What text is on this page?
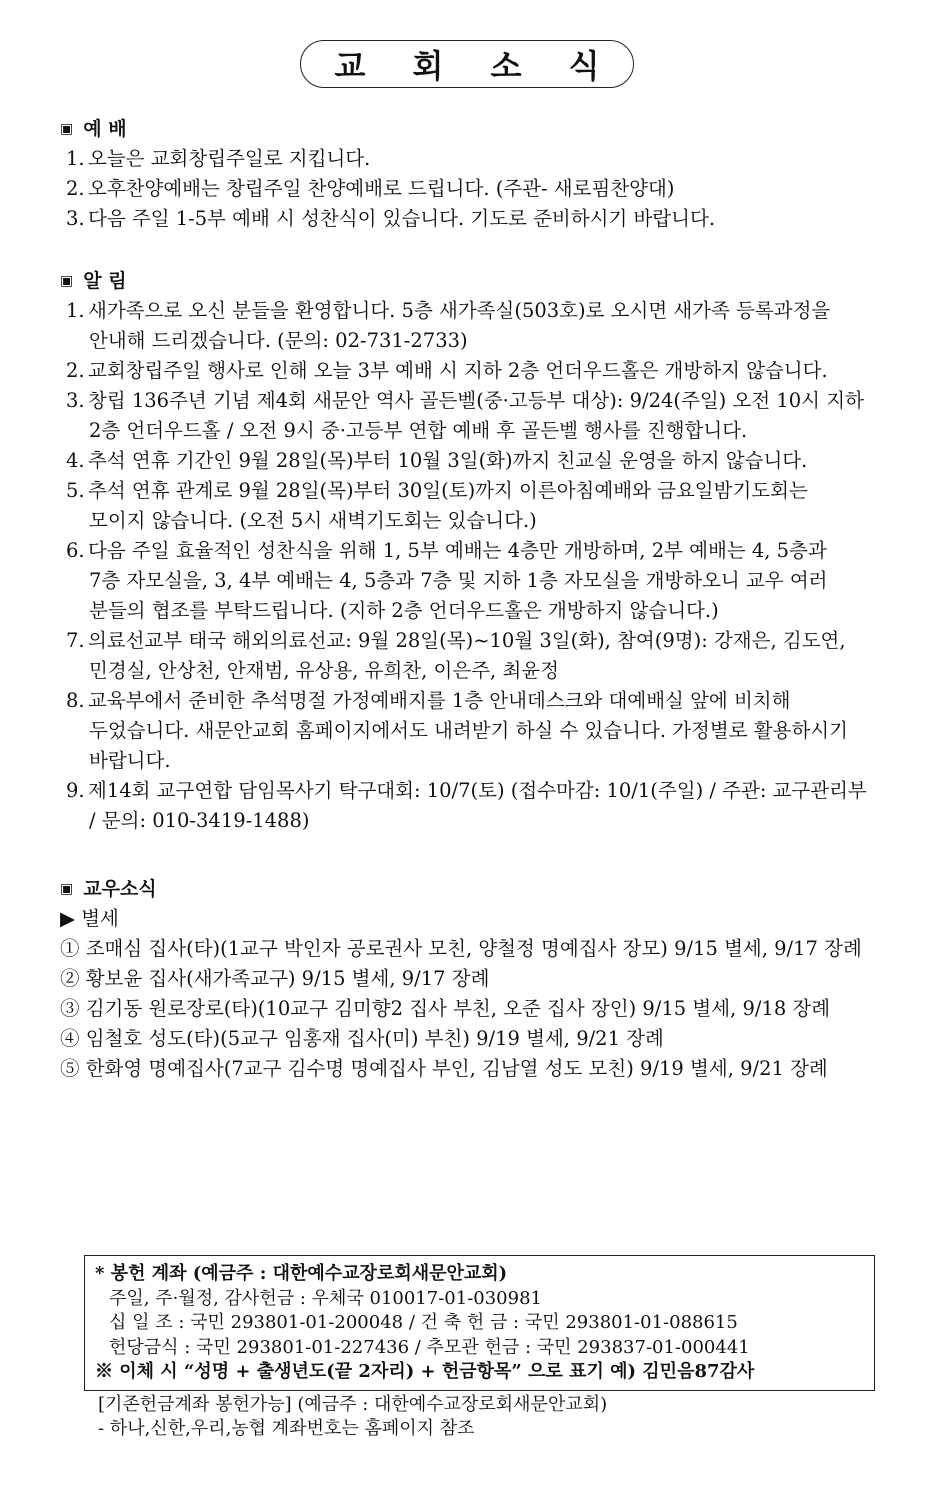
교 회 소 식
▣ 예 배
1. 오늘은 교회창립주일로 지킵니다.
2. 오후찬양예배는 창립주일 찬양예배로 드립니다. (주관- 새로핌찬양대)
3. 다음 주일 1-5부 예배 시 성찬식이 있습니다. 기도로 준비하시기 바랍니다.
▣ 알 림
1. 새가족으로 오신 분들을 환영합니다. 5층 새가족실(503호)로 오시면 새가족 등록과정을
안내해 드리겠습니다. (문의: 02-731-2733)
2. 교회창립주일 행사로 인해 오늘 3부 예배 시 지하 2층 언더우드홀은 개방하지 않습니다.
3. 창립 136주년 기념 제4회 새문안 역사 골든벨(중·고등부 대상): 9/24(주일) 오전 10시 지하
2층 언더우드홀 / 오전 9시 중·고등부 연합 예배 후 골든벨 행사를 진행합니다.
4. 추석 연휴 기간인 9월 28일(목)부터 10월 3일(화)까지 친교실 운영을 하지 않습니다.
5. 추석 연휴 관계로 9월 28일(목)부터 30일(토)까지 이른아침예배와 금요일밤기도회는
모이지 않습니다. (오전 5시 새벽기도회는 있습니다.)
6. 다음 주일 효율적인 성찬식을 위해 1, 5부 예배는 4층만 개방하며, 2부 예배는 4, 5층과
7층 자모실을, 3, 4부 예배는 4, 5층과 7층 및 지하 1층 자모실을 개방하오니 교우 여러
분들의 협조를 부탁드립니다. (지하 2층 언더우드홀은 개방하지 않습니다.)
7. 의료선교부 태국 해외의료선교: 9월 28일(목)~10월 3일(화), 참여(9명): 강재은, 김도연,
민경실, 안상천, 안재범, 유상용, 유희찬, 이은주, 최윤정
8. 교육부에서 준비한 추석명절 가정예배지를 1층 안내데스크와 대예배실 앞에 비치해
두었습니다. 새문안교회 홈페이지에서도 내려받기 하실 수 있습니다. 가정별로 활용하시기
바랍니다.
9. 제14회 교구연합 담임목사기 탁구대회: 10/7(토) (접수마감: 10/1(주일) / 주관: 교구관리부
/ 문의: 010-3419-1488)
▣ 교우소식
▶ 별세
① 조매심 집사(타)(1교구 박인자 공로권사 모친, 양철정 명예집사 장모) 9/15 별세, 9/17 장례
② 황보윤 집사(새가족교구) 9/15 별세, 9/17 장례
③ 김기동 원로장로(타)(10교구 김미향2 집사 부친, 오준 집사 장인) 9/15 별세, 9/18 장례
④ 임철호 성도(타)(5교구 임홍재 집사(미) 부친) 9/19 별세, 9/21 장례
⑤ 한화영 명예집사(7교구 김수명 명예집사 부인, 김남열 성도 모친) 9/19 별세, 9/21 장례
* 봉헌 계좌 (예금주 : 대한예수교장로회새문안교회)
주일, 주·월정, 감사헌금 : 우체국 010017-01-030981
십 일 조 : 국민 293801-01-200048 / 건 축 헌 금 : 국민 293801-01-088615
헌당금식 : 국민 293801-01-227436 / 추모관 헌금 : 국민 293837-01-000441
※ 이체 시 “성명 + 출생년도(끝 2자리) + 헌금항목” 으로 표기 예) 김민음87감사
[기존헌금계좌 봉헌가능] (예금주 : 대한예수교장로회새문안교회)
- 하나,신한,우리,농협 계좌번호는 홈페이지 참조
